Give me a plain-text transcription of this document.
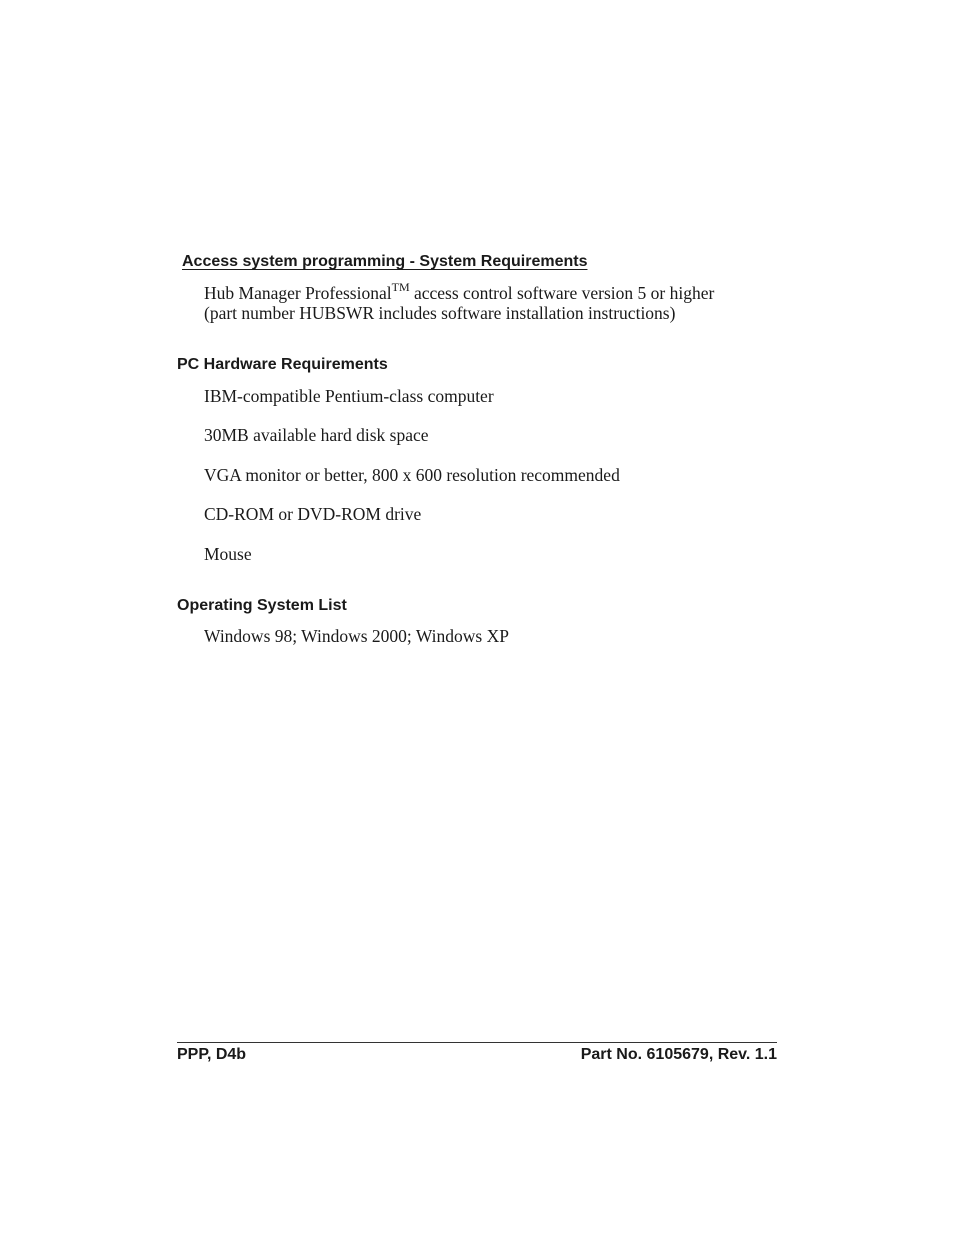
Access system programming - System Requirements
Hub Manager Professional™ access control software version 5 or higher
(part number HUBSWR includes software installation instructions)
PC Hardware Requirements
IBM-compatible Pentium-class computer
30MB available hard disk space
VGA monitor or better, 800 x 600 resolution recommended
CD-ROM or DVD-ROM drive
Mouse
Operating System List
Windows 98; Windows 2000; Windows XP
PPP, D4b	Part No. 6105679, Rev. 1.1
